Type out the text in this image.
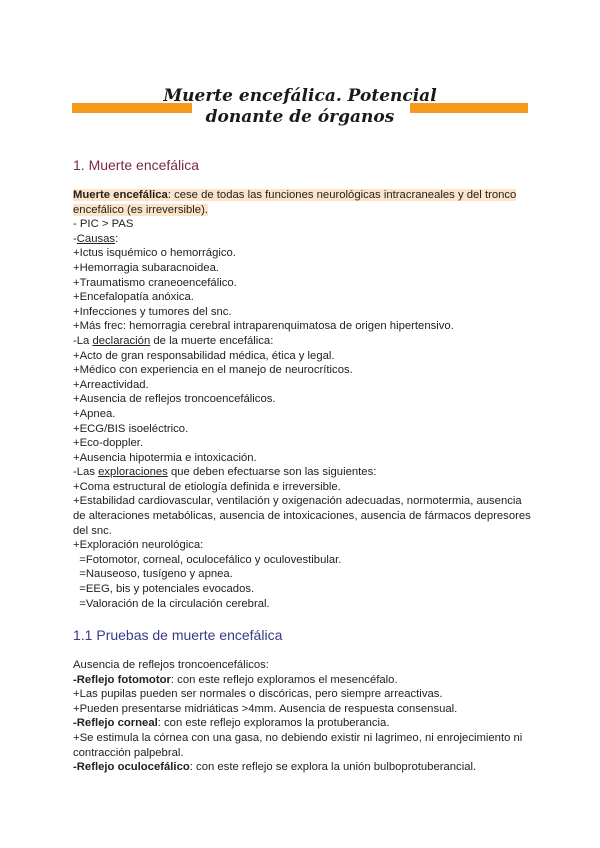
Muerte encefálica. Potencial
donante de órganos
1. Muerte encefálica

Muerte encefálica: cese de todas las funciones neurológicas intracraneales y del tronco

encefálico (es irreversible).

- PIC > PAS

-Causas:

+Ictus isquémico o hemorrágico.

+Hemorragia subaracnoidea.

+Traumatismo craneoencefálico.

+Encefalopatía anóxica.

+Infecciones y tumores del snc.

+Más frec: hemorragia cerebral intraparenquimatosa de origen hipertensivo.

-La declaración de la muerte encefálica:

+Acto de gran responsabilidad médica, ética y legal.

+Médico con experiencia en el manejo de neurocríticos.

+Arreactividad.

+Ausencia de reflejos troncoencefálicos.

+Apnea.

+ECG/BIS isoeléctrico.

+Eco-doppler.

+Ausencia hipotermia e intoxicación.

-Las exploraciones que deben efectuarse son las siguientes:

+Coma estructural de etiología definida e irreversible.

+Estabilidad cardiovascular, ventilación y oxigenación adecuadas, normotermia, ausencia

de alteraciones metabólicas, ausencia de intoxicaciones, ausencia de fármacos depresores

del snc.

+Exploración neurológica:

=Fotomotor, corneal, oculocefálico y oculovestibular.

=Nauseoso, tusígeno y apnea.

=EEG, bis y potenciales evocados.

=Valoración de la circulación cerebral.

1.1 Pruebas de muerte encefálica

Ausencia de reflejos troncoencefálicos:

-Reflejo fotomotor: con este reflejo exploramos el mesencéfalo.

+Las pupilas pueden ser normales o discóricas, pero siempre arreactivas.

+Pueden presentarse midriáticas >4mm. Ausencia de respuesta consensual.

-Reflejo corneal: con este reflejo exploramos la protuberancia.

+Se estimula la córnea con una gasa, no debiendo existir ni lagrimeo, ni enrojecimiento ni

contracción palpebral.

-Reflejo oculocefálico: con este reflejo se explora la unión bulboprotuberancial.
